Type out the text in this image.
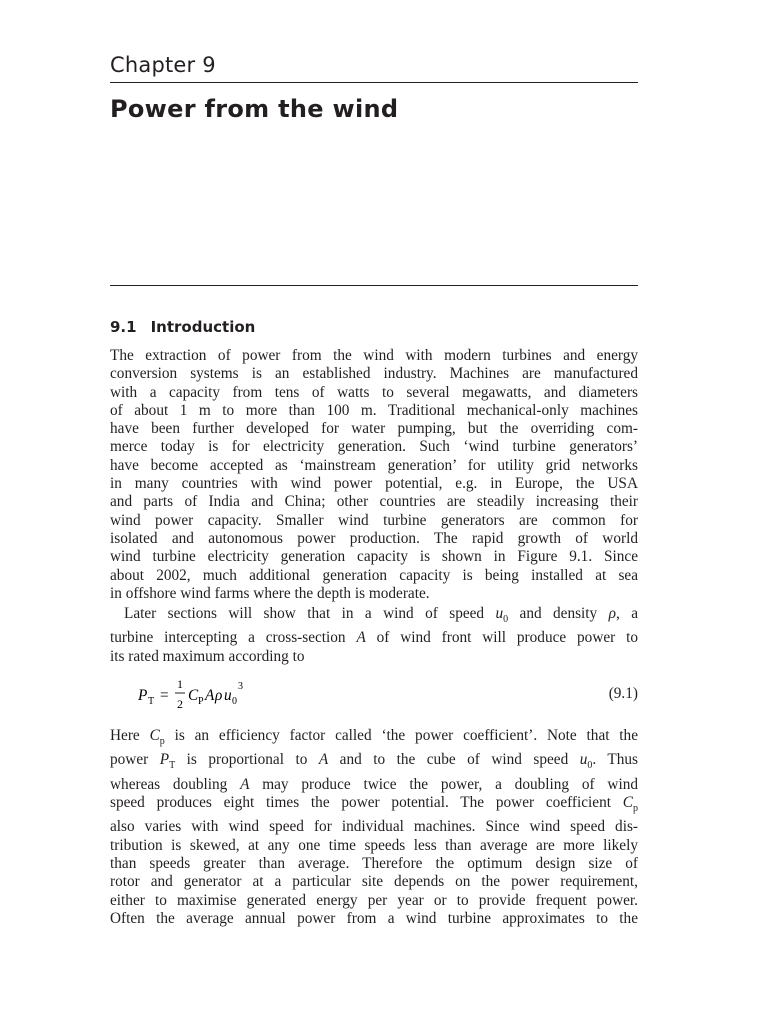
Chapter 9
Power from the wind
9.1 Introduction
The extraction of power from the wind with modern turbines and energy
conversion systems is an established industry. Machines are manufactured
with a capacity from tens of watts to several megawatts, and diameters
of about 1 m to more than 100 m. Traditional mechanical-only machines
have been further developed for water pumping, but the overriding com-
merce today is for electricity generation. Such ‘wind turbine generators’
have become accepted as ‘mainstream generation’ for utility grid networks
in many countries with wind power potential, e.g. in Europe, the USA
and parts of India and China; other countries are steadily increasing their
wind power capacity. Smaller wind turbine generators are common for
isolated and autonomous power production. The rapid growth of world
wind turbine electricity generation capacity is shown in Figure 9.1. Since
about 2002, much additional generation capacity is being installed at sea
in offshore wind farms where the depth is moderate.
Later sections will show that in a wind of speed $u_0$ and density ρ, a
turbine intercepting a cross-section A of wind front will produce power to
its rated maximum according to
P T =
1
2 C P A ρ u 0
3	(9.1)
Here $C_p$ is an efficiency factor called ‘the power coefficient’. Note that the
power $P_T$ is proportional to A and to the cube of wind speed $u_0$. Thus
whereas doubling A may produce twice the power, a doubling of wind
speed produces eight times the power potential. The power coefficient $C_p$
also varies with wind speed for individual machines. Since wind speed dis-
tribution is skewed, at any one time speeds less than average are more likely
than speeds greater than average. Therefore the optimum design size of
rotor and generator at a particular site depends on the power requirement,
either to maximise generated energy per year or to provide frequent power.
Often the average annual power from a wind turbine approximates to the
